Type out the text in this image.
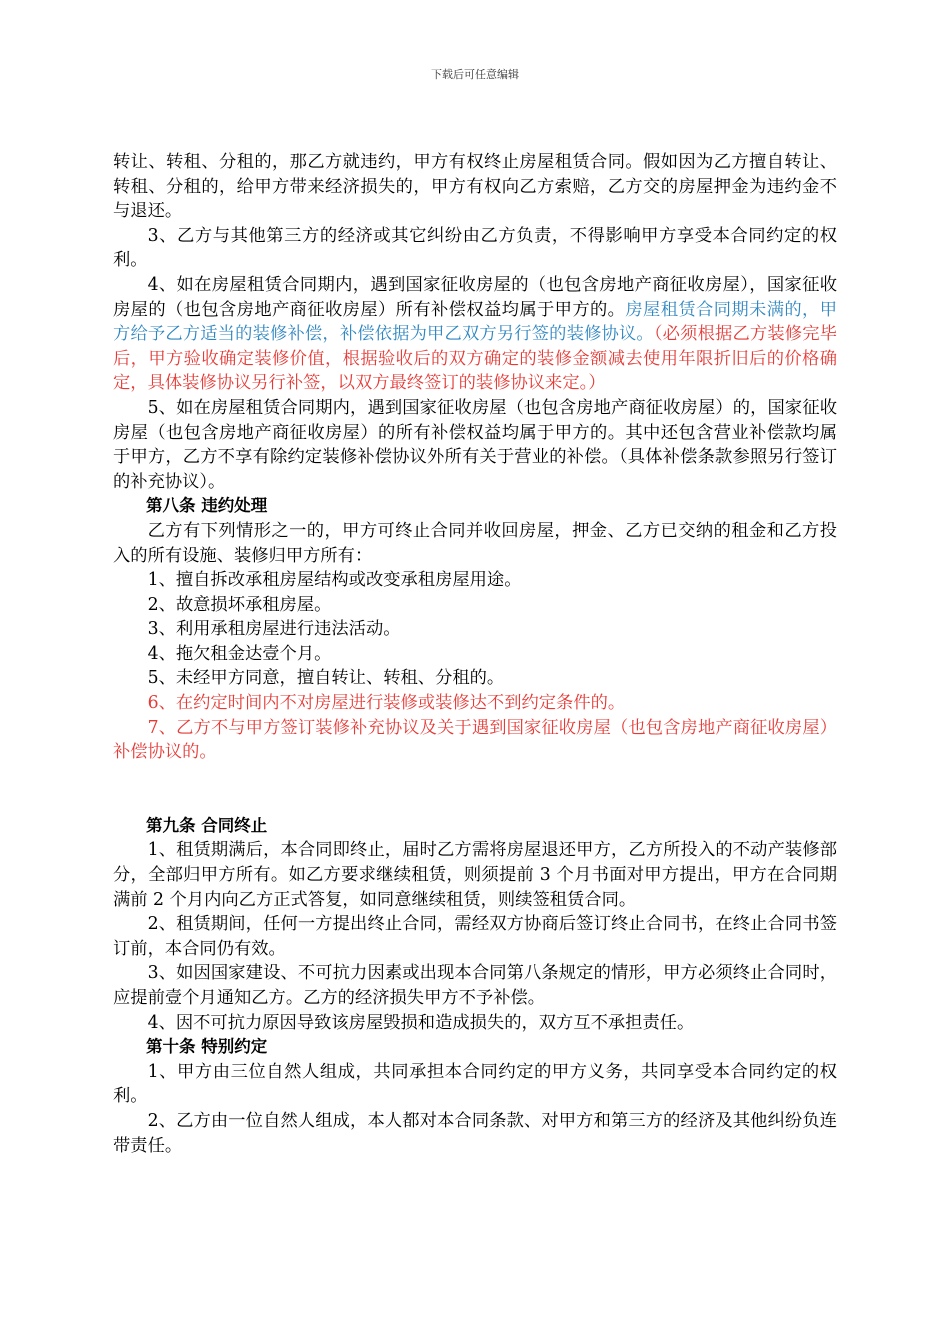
下载后可任意编辑

转让、转租、分租的，那乙方就违约，甲方有权终止房屋租赁合同。假如因为乙方擅自转让、转租、分租的，给甲方带来经济损失的，甲方有权向乙方索赔，乙方交的房屋押金为违约金不与退还。

3、乙方与其他第三方的经济或其它纠纷由乙方负责，不得影响甲方享受本合同约定的权利。

4、如在房屋租赁合同期内，遇到国家征收房屋的（也包含房地产商征收房屋），国家征收房屋的（也包含房地产商征收房屋）所有补偿权益均属于甲方的。房屋租赁合同期未满的，甲方给予乙方适当的装修补偿，补偿依据为甲乙双方另行签的装修协议。（必须根据乙方装修完毕后，甲方验收确定装修价值，根据验收后的双方确定的装修金额减去使用年限折旧后的价格确定，具体装修协议另行补签，以双方最终签订的装修协议来定。）

5、如在房屋租赁合同期内，遇到国家征收房屋（也包含房地产商征收房屋）的，国家征收房屋（也包含房地产商征收房屋）的所有补偿权益均属于甲方的。其中还包含营业补偿款均属于甲方，乙方不享有除约定装修补偿协议外所有关于营业的补偿。（具体补偿条款参照另行签订的补充协议）。

第八条 违约处理

乙方有下列情形之一的，甲方可终止合同并收回房屋，押金、乙方已交纳的租金和乙方投入的所有设施、装修归甲方所有：

1、擅自拆改承租房屋结构或改变承租房屋用途。

2、故意损坏承租房屋。

3、利用承租房屋进行违法活动。

4、拖欠租金达壹个月。

5、未经甲方同意，擅自转让、转租、分租的。

6、在约定时间内不对房屋进行装修或装修达不到约定条件的。

7、乙方不与甲方签订装修补充协议及关于遇到国家征收房屋（也包含房地产商征收房屋）补偿协议的。

第九条 合同终止

1、租赁期满后，本合同即终止，届时乙方需将房屋退还甲方，乙方所投入的不动产装修部分，全部归甲方所有。如乙方要求继续租赁，则须提前 3 个月书面对甲方提出，甲方在合同期满前 2 个月内向乙方正式答复，如同意继续租赁，则续签租赁合同。

2、租赁期间，任何一方提出终止合同，需经双方协商后签订终止合同书，在终止合同书签订前，本合同仍有效。

3、如因国家建设、不可抗力因素或出现本合同第八条规定的情形，甲方必须终止合同时，应提前壹个月通知乙方。乙方的经济损失甲方不予补偿。

4、因不可抗力原因导致该房屋毁损和造成损失的，双方互不承担责任。

第十条 特别约定

1、甲方由三位自然人组成，共同承担本合同约定的甲方义务，共同享受本合同约定的权利。

2、乙方由一位自然人组成，本人都对本合同条款、对甲方和第三方的经济及其他纠纷负连带责任。
